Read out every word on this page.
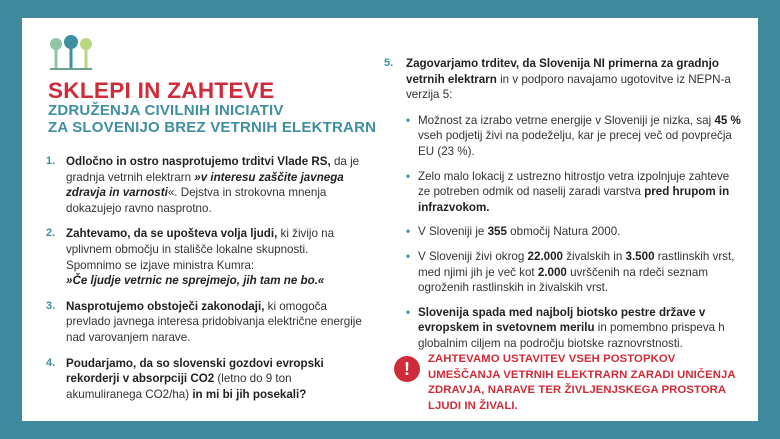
SKLEPI IN ZAHTEVE
ZDRUŽENJA CIVILNIH INICIATIV
ZA SLOVENIJO BREZ VETRNIH ELEKTRARN
1. Odločno in ostro nasprotujemo trditvi Vlade RS, da je gradnja vetrnih elektrarn »v interesu zaščite javnega zdravja in varnosti«. Dejstva in strokovna mnenja dokazujejo ravno nasprotno.
2. Zahtevamo, da se upošteva volja ljudi, ki živijo na vplivnem območju in stališče lokalne skupnosti.
Spomnimo se izjave ministra Kumra:
»Če ljudje vetrnic ne sprejmejo, jih tam ne bo.«
3. Nasprotujemo obstoječi zakonodaji, ki omogoča prevlado javnega interesa pridobivanja električne energije nad varovanjem narave.
4. Poudarjamo, da so slovenski gozdovi evropski rekorderji v absorpciji CO2 (letno do 9 ton akumuliranega CO2/ha) in mi bi jih posekali?
5. Zagovarjamo trditev, da Slovenija NI primerna za gradnjo vetrnih elektrarn in v podporo navajamo ugotovitve iz NEPN-a verzija 5:
• Možnost za izrabo vetrne energije v Sloveniji je nizka, saj 45 % vseh podjetij živi na podeželju, kar je precej več od povprečja EU (23 %).
• Zelo malo lokacij z ustrezno hitrostjo vetra izpolnjuje zahteve ze potreben odmik od naselij zaradi varstva pred hrupom in infrazvokom.
• V Sloveniji je 355 območij Natura 2000.
• V Sloveniji živi okrog 22.000 živalskih in 3.500 rastlinskih vrst, med njimi jih je več kot 2.000 uvrščenih na rdeči seznam ogroženih rastlinskih in živalskih vrst.
• Slovenija spada med najbolj biotsko pestre države v evropskem in svetovnem merilu in pomembno prispeva h globalnim ciljem na področju biotske raznovrstnosti.
!	ZAHTEVAMO USTAVITEV VSEH POSTOPKOV UMEŠČANJA VETRNIH ELEKTRARN ZARADI UNIČENJA ZDRAVJA, NARAVE TER ŽIVLJENJSKEGA PROSTORA LJUDI IN ŽIVALI.
